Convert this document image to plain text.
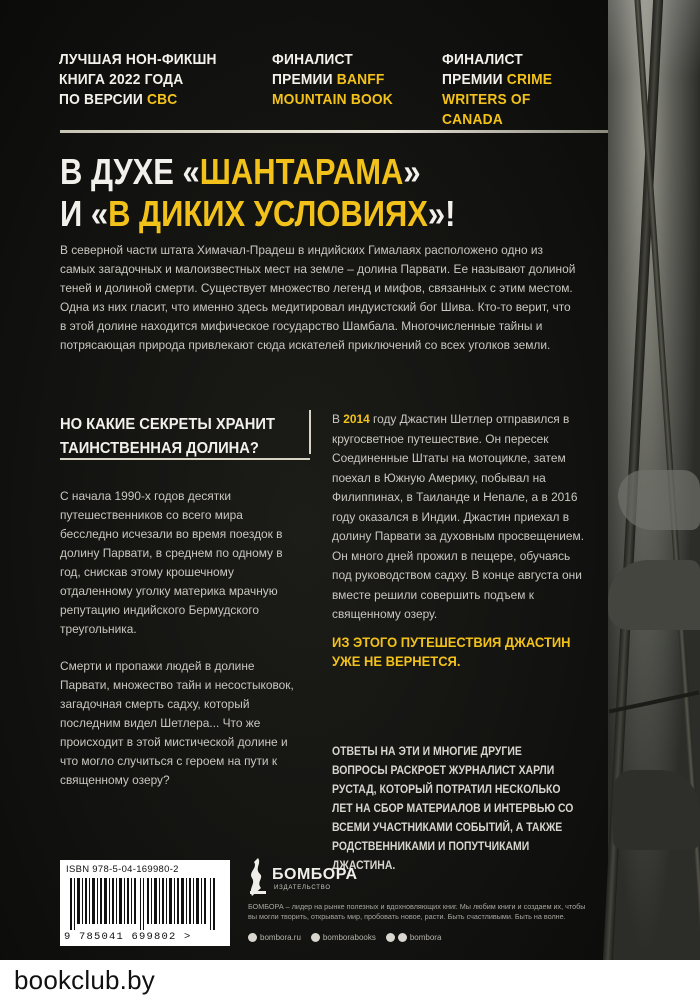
ЛУЧШАЯ НОН-ФИКШН
КНИГА 2022 ГОДА
ПО ВЕРСИИ CBC
ФИНАЛИСТ
ПРЕМИИ BANFF
MOUNTAIN BOOK
ФИНАЛИСТ
ПРЕМИИ CRIME
WRITERS OF CANADA
В ДУХЕ «ШАНТАРАМА»
И «В ДИКИХ УСЛОВИЯХ»!
В северной части штата Химачал-Прадеш в индийских Гималаях расположено одно из самых загадочных и малоизвестных мест на земле – долина Парвати. Ее называют долиной теней и долиной смерти. Существует множество легенд и мифов, связанных с этим местом. Одна из них гласит, что именно здесь медитировал индуистский бог Шива. Кто-то верит, что в этой долине находится мифическое государство Шамбала. Многочисленные тайны и потрясающая природа привлекают сюда искателей приключений со всех уголков земли.
НО КАКИЕ СЕКРЕТЫ ХРАНИТ ТАИНСТВЕННАЯ ДОЛИНА?

С начала 1990-х годов десятки путешественников со всего мира бесследно исчезали во время поездок в долину Парвати, в среднем по одному в год, снискав этому крошечному отдаленному уголку материка мрачную репутацию индийского Бермудского треугольника.

Смерти и пропажи людей в долине Парвати, множество тайн и несостыковок, загадочная смерть садху, который последним видел Шетлера... Что же происходит в этой мистической долине и что могло случиться с героем на пути к священному озеру?

В 2014 году Джастин Шетлер отправился в кругосветное путешествие. Он пересек Соединенные Штаты на мотоцикле, затем поехал в Южную Америку, побывал на Филиппинах, в Таиланде и Непале, а в 2016 году оказался в Индии. Джастин приехал в долину Парвати за духовным просвещением. Он много дней прожил в пещере, обучаясь под руководством садху. В конце августа они вместе решили совершить подъем к священному озеру.

ИЗ ЭТОГО ПУТЕШЕСТВИЯ ДЖАСТИН УЖЕ НЕ ВЕРНЕТСЯ.
ОТВЕТЫ НА ЭТИ И МНОГИЕ ДРУГИЕ ВОПРОСЫ РАСКРОЕТ ЖУРНАЛИСТ ХАРЛИ РУСТАД, КОТОРЫЙ ПОТРАТИЛ НЕСКОЛЬКО ЛЕТ НА СБОР МАТЕРИАЛОВ И ИНТЕРВЬЮ СО ВСЕМИ УЧАСТНИКАМИ СОБЫТИЙ, А ТАКЖЕ РОДСТВЕННИКАМИ И ПОПУТЧИКАМИ ДЖАСТИНА.
ISBN 978-5-04-169980-2
9 785041 699802 >
БОМБОРА
ИЗДАТЕЛЬСТВО
БОМБОРА – лидер на рынке полезных и вдохновляющих книг. Мы любим книги и создаем их, чтобы вы могли творить, открывать мир, пробовать новое, расти. Быть счастливыми. Быть на волне.
bombora.ru	bomborabooks	bombora
bookclub.by
